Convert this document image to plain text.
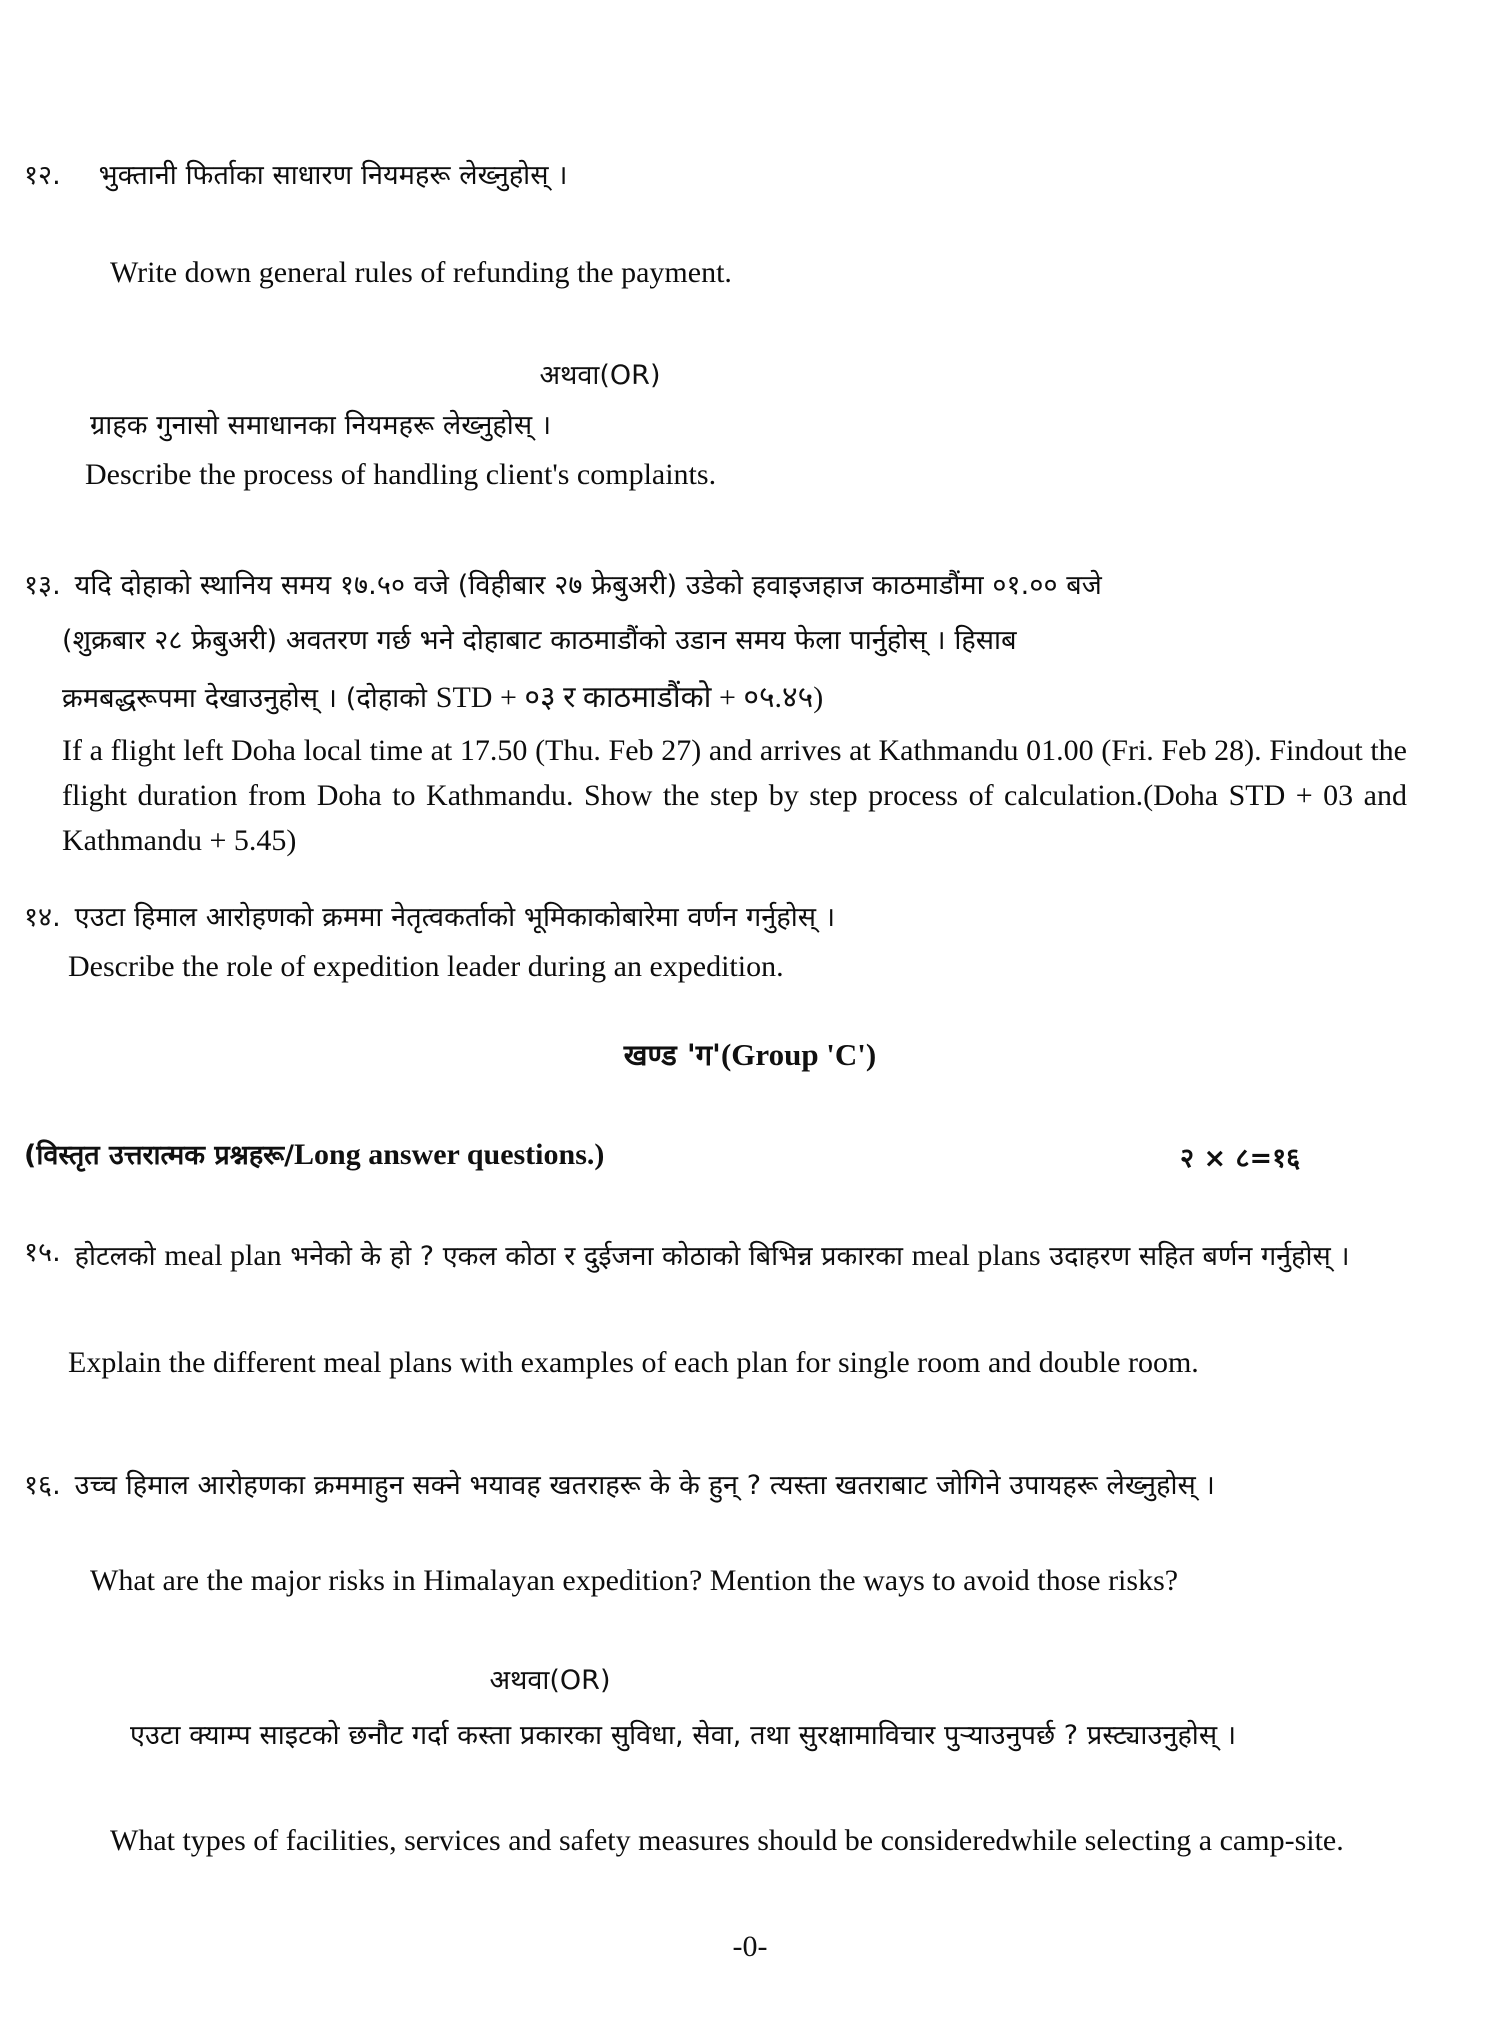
१२. भुक्तानी फिर्ताका साधारण नियमहरू लेख्नुहोस् ।
Write down general rules of refunding the payment.
अथवा(OR)
ग्राहक गुनासो समाधानका नियमहरू लेख्नुहोस् ।
Describe the process of handling client's complaints.
१३. यदि दोहाको स्थानिय समय १७.५० वजे (विहीबार २७ फ्रेबुअरी) उडेको हवाइजहाज काठमाडौंमा ०१.०० बजे
(शुक्रबार २८ फ्रेबुअरी) अवतरण गर्छ भने दोहाबाट काठमाडौंको उडान समय फेला पार्नुहोस् । हिसाब
क्रमबद्धरूपमा देखाउनुहोस् । (दोहाको STD + ०३ र काठमाडौंको + ०५.४५)
If a flight left Doha local time at 17.50 (Thu. Feb 27) and arrives at Kathmandu 01.00 (Fri. Feb 28). Findout the flight duration from Doha to Kathmandu. Show the step by step process of calculation.(Doha STD + 03 and Kathmandu + 5.45)
१४. एउटा हिमाल आरोहणको क्रममा नेतृत्वकर्ताको भूमिकाकोबारेमा वर्णन गर्नुहोस् ।
Describe the role of expedition leader during an expedition.
खण्ड 'ग'(Group 'C')
(विस्तृत उत्तरात्मक प्रश्नहरू/Long answer questions.)	२ × ८=१६
१५. होटलको meal plan भनेको के हो ? एकल कोठा र दुईजना कोठाको बिभिन्न प्रकारका meal plans उदाहरण सहित बर्णन गर्नुहोस् ।
Explain the different meal plans with examples of each plan for single room and double room.
१६. उच्च हिमाल आरोहणका क्रममाहुन सक्ने भयावह खतराहरू के के हुन् ? त्यस्ता खतराबाट जोगिने उपायहरू लेख्नुहोस् ।
What are the major risks in Himalayan expedition? Mention the ways to avoid those risks?
अथवा(OR)
एउटा क्याम्प साइटको छनौट गर्दा कस्ता प्रकारका सुविधा, सेवा, तथा सुरक्षामाविचार पुर्‍याउनुपर्छ ? प्रस्ट्याउनुहोस् ।
What types of facilities, services and safety measures should be consideredwhile selecting a camp-site.
-0-
